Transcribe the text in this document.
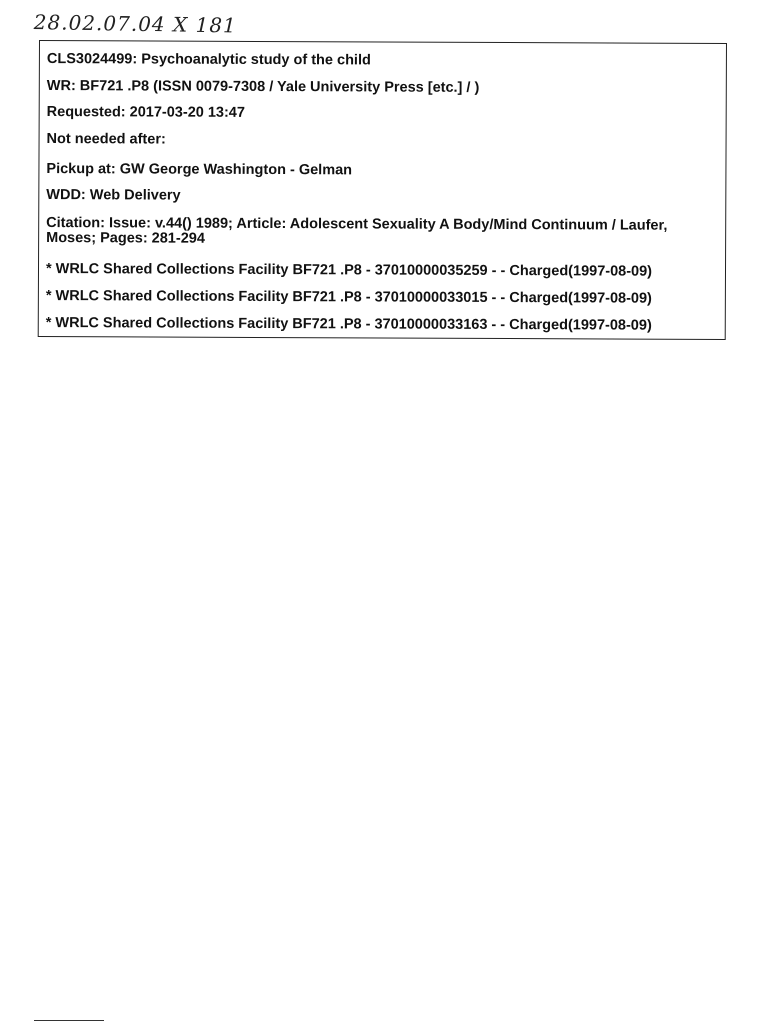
28.02.07.04 X 181
CLS3024499: Psychoanalytic study of the child
WR: BF721 .P8 (ISSN 0079-7308 / Yale University Press [etc.] / )
Requested: 2017-03-20 13:47
Not needed after:
Pickup at: GW George Washington - Gelman
WDD: Web Delivery
Citation: Issue: v.44() 1989; Article: Adolescent Sexuality A Body/Mind Continuum / Laufer, Moses; Pages: 281-294
* WRLC Shared Collections Facility BF721 .P8 - 37010000035259 - - Charged(1997-08-09)
* WRLC Shared Collections Facility BF721 .P8 - 37010000033015 - - Charged(1997-08-09)
* WRLC Shared Collections Facility BF721 .P8 - 37010000033163 - - Charged(1997-08-09)
